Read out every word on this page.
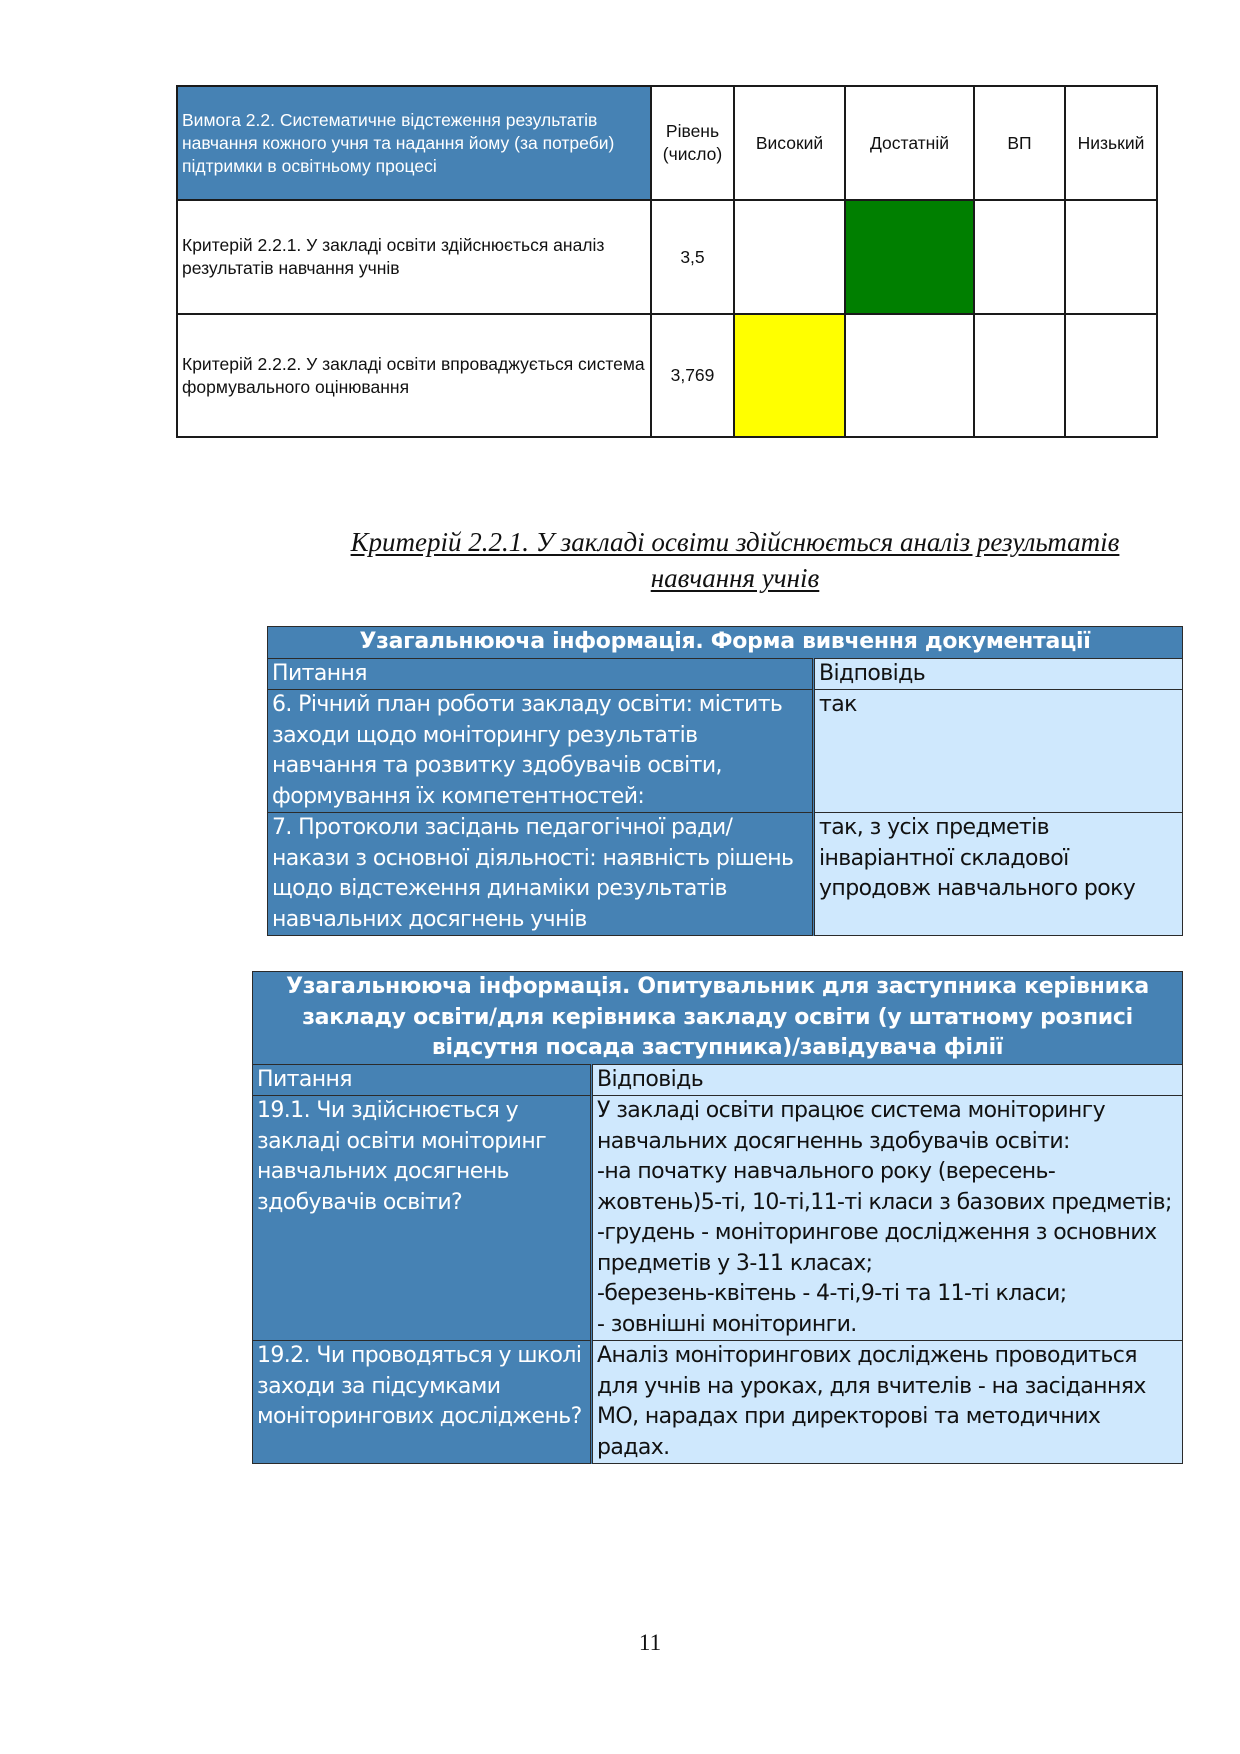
Вимога 2.2. Систематичне відстеження результатів навчання кожного учня та надання йому (за потреби) підтримки в освітньому процесі	Рівень (число)	Високий	Достатній	ВП	Низький
Критерій 2.2.1. У закладі освіти здійснюється аналіз результатів навчання учнів	3,5				
Критерій 2.2.2. У закладі освіти впроваджується система формувального оцінювання	3,769				
Критерій 2.2.1. У закладі освіти здійснюється аналіз результатів навчання учнів
Узагальнююча інформація. Форма вивчення документації	
Питання	Відповідь
6. Річний план роботи закладу освіти: містить заходи щодо моніторингу результатів навчання та розвитку здобувачів освіти, формування їх компетентностей:	так
7. Протоколи засідань педагогічної ради/накази з основної діяльності: наявність рішень щодо відстеження динаміки результатів навчальних досягнень учнів	так, з усіх предметів інваріантної складової упродовж навчального року
Узагальнююча інформація. Опитувальник для заступника керівника закладу освіти/для керівника закладу освіти (у штатному розписі відсутня посада заступника)/завідувача філії	
Питання	Відповідь
19.1. Чи здійснюється у закладі освіти моніторинг навчальних досягнень здобувачів освіти?	У закладі освіти працює система моніторингу навчальних досягненнь здобувачів освіти:
-на початку навчального року (вересень-жовтень)5-ті, 10-ті,11-ті класи з базових предметів;
-грудень - моніторингове дослідження з основних предметів у 3-11 класах;
-березень-квітень - 4-ті,9-ті та 11-ті класи;
- зовнішні моніторинги.

19.2. Чи проводяться у школі заходи за підсумками моніторингових досліджень?	Аналіз моніторингових досліджень проводиться для учнів на уроках, для вчителів - на засіданнях МО, нарадах при директорові та методичних радах.
11
